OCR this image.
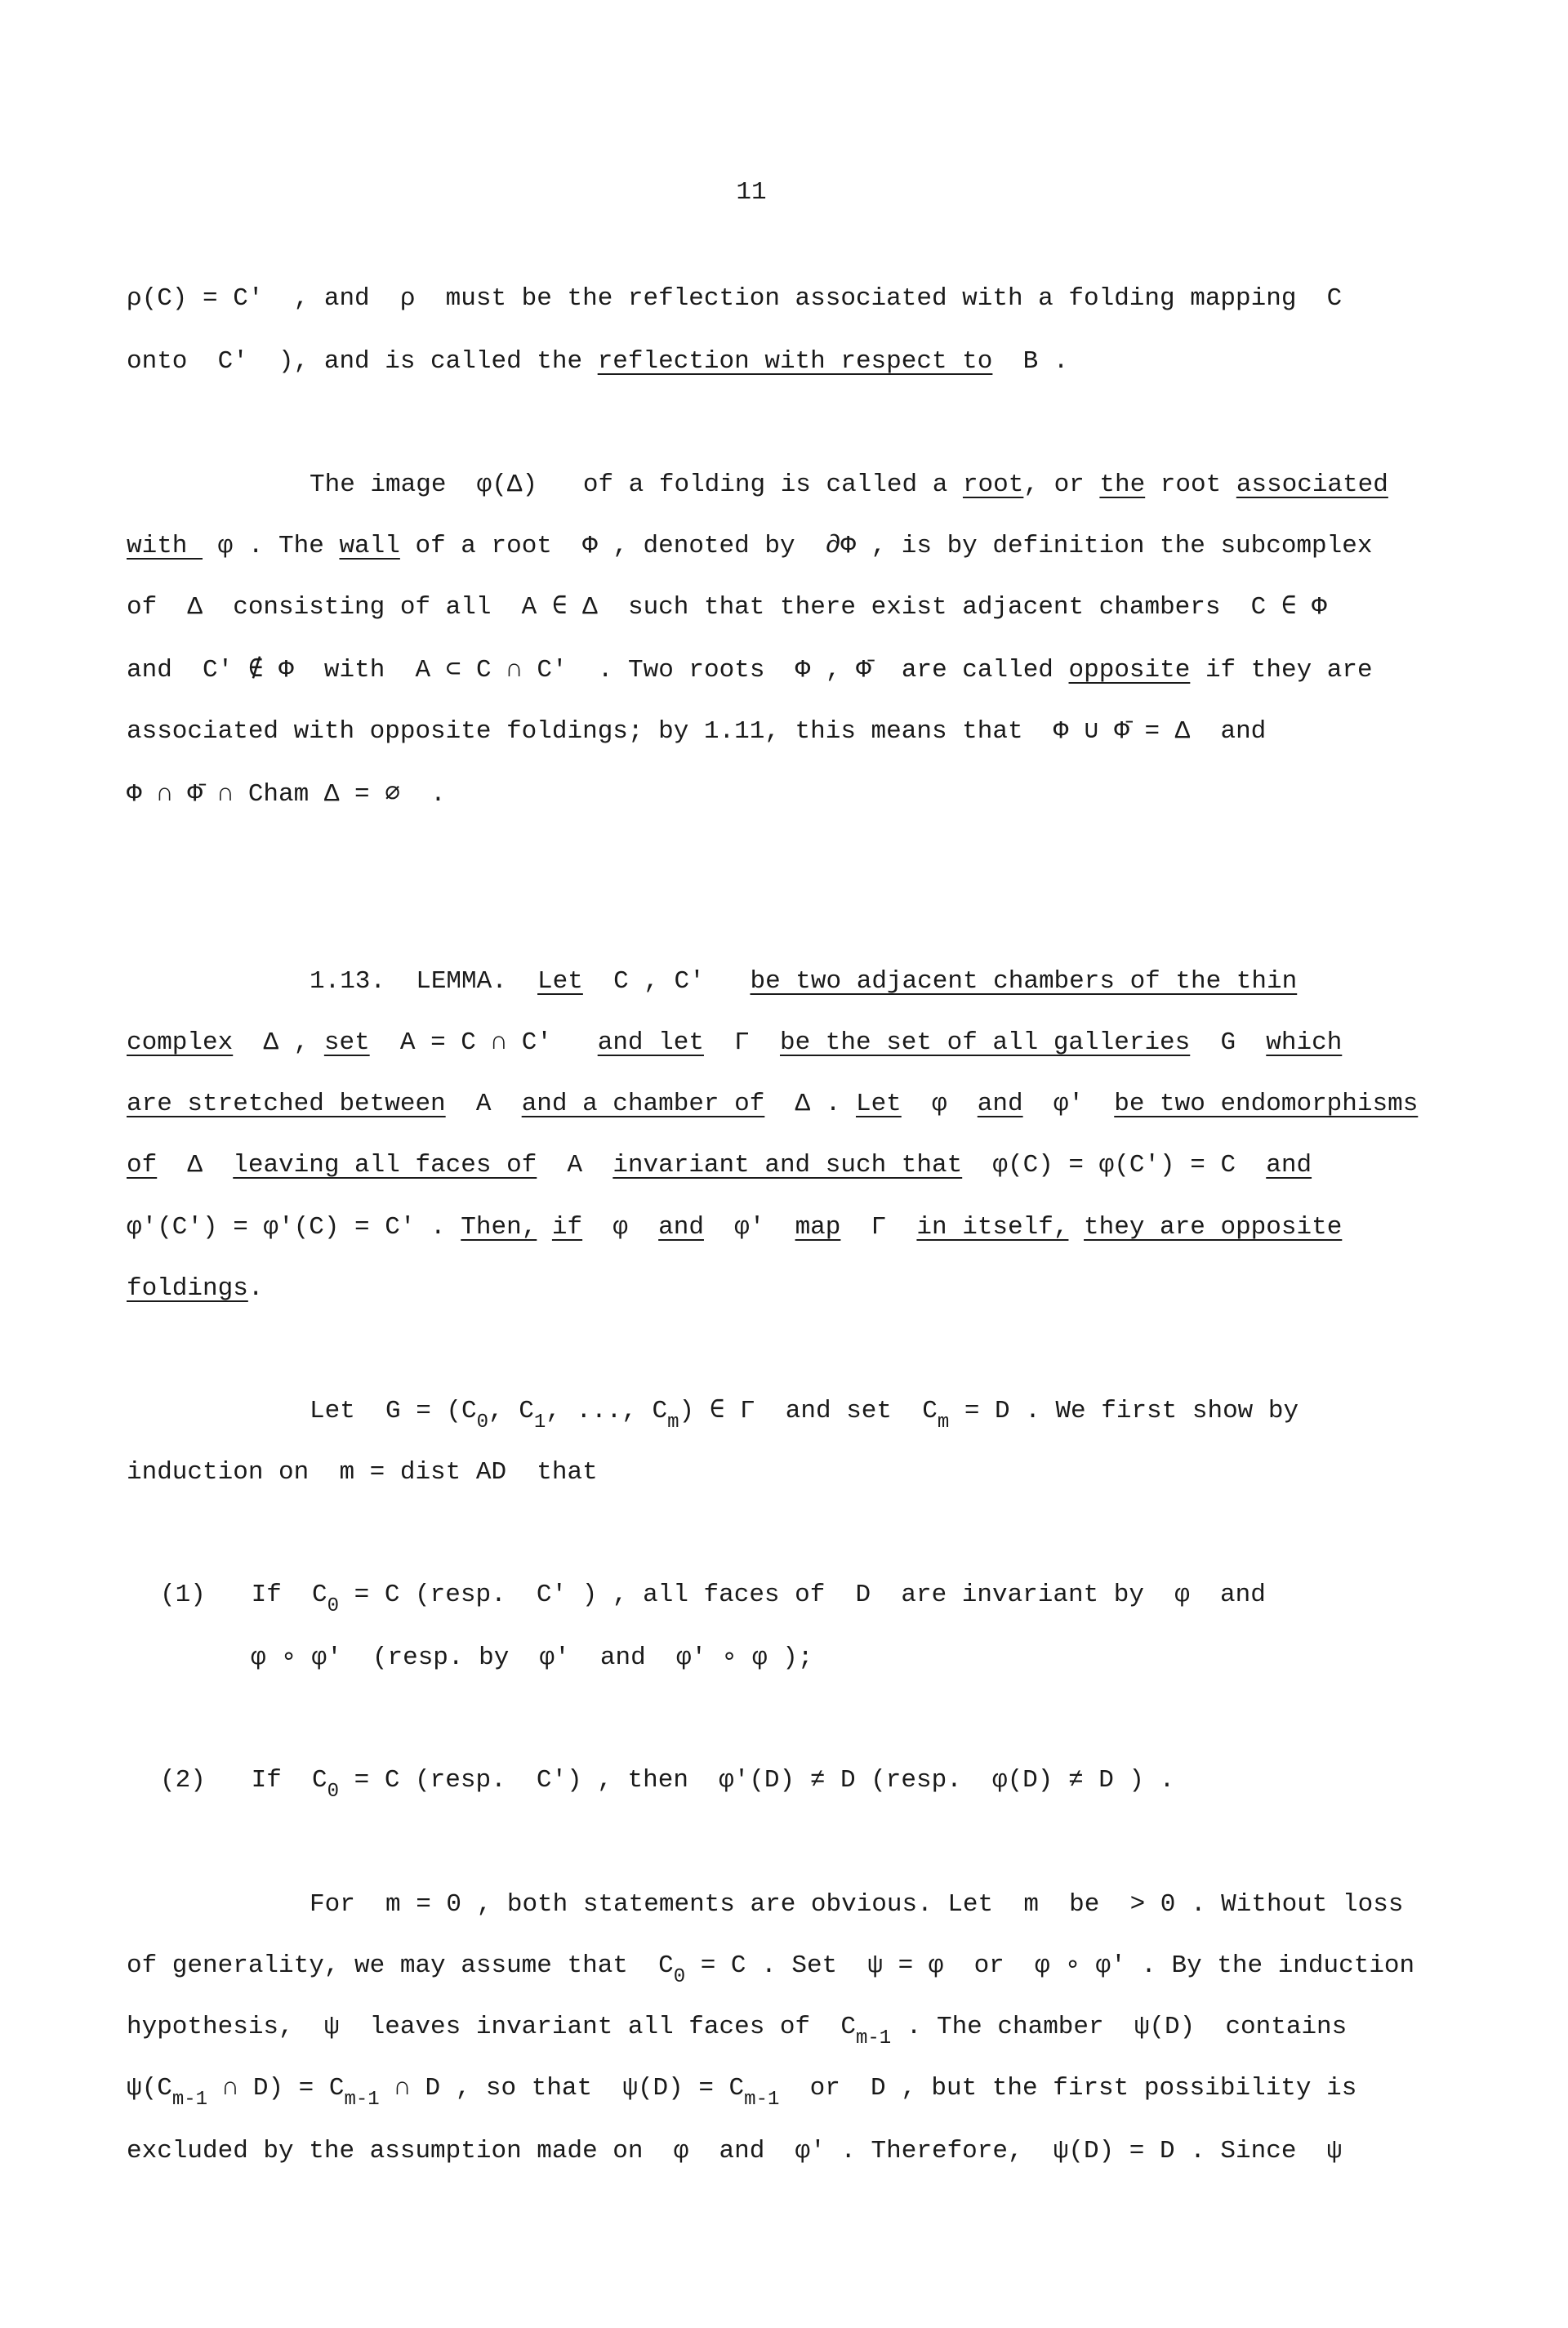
11
ρ(C) = C'  , and  ρ  must be the reflection associated with a folding mapping  C
onto  C'  ), and is called the reflection with respect to  B .
The image  φ(Δ)   of a folding is called a root, or the root associated
with  φ . The wall of a root  Φ , denoted by  ∂Φ , is by definition the subcomplex
of  Δ  consisting of all  A ∈ Δ  such that there exist adjacent chambers  C ∈ Φ
and  C' ∉ Φ  with  A ⊂ C ∩ C'  . Two roots  Φ , Φ̄  are called opposite if they are
associated with opposite foldings; by 1.11, this means that  Φ ∪ Φ̄ = Δ  and
Φ ∩ Φ̄ ∩ Cham Δ = ∅  .
1.13.  LEMMA.  Let  C , C'   be two adjacent chambers of the thin
complex  Δ , set  A = C ∩ C'   and let  Γ  be the set of all galleries  G  which
are stretched between  A  and a chamber of  Δ . Let  φ  and  φ'  be two endomorphisms
of  Δ  leaving all faces of  A  invariant and such that  φ(C) = φ(C') = C  and
φ'(C') = φ'(C) = C' . Then, if  φ  and  φ'  map  Γ  in itself, they are opposite
foldings.
Let  $G = (C_0$, $C_1$, ..., $C_m$) ∈ Γ  and set  $C_m = D$ . We first show by
induction on  m = dist AD  that
(1)   If  $C_0 = C$ (resp.  C' ) , all faces of  D  are invariant by  φ  and
φ ∘ φ'  (resp. by  φ'  and  φ' ∘ φ );
(2)   If  $C_0 = C$ (resp.  C') , then  φ'(D) ≠ D (resp.  φ(D) ≠ D ) .
For  m = 0 , both statements are obvious. Let  m  be  > 0 . Without loss
of generality, we may assume that  $C_0 = C$ . Set  ψ = φ  or  φ ∘ φ' . By the induction
hypothesis,  ψ  leaves invariant all faces of  $C_{m-1}$ . The chamber  ψ(D)  contains
$\psi(C_{m-1}$ ∩ $D) = C_{m-1}$ ∩ D , so that  $\psi(D) = C_{m-1}$  or  D , but the first possibility is
excluded by the assumption made on  φ  and  φ' . Therefore,  ψ(D) = D . Since  ψ
